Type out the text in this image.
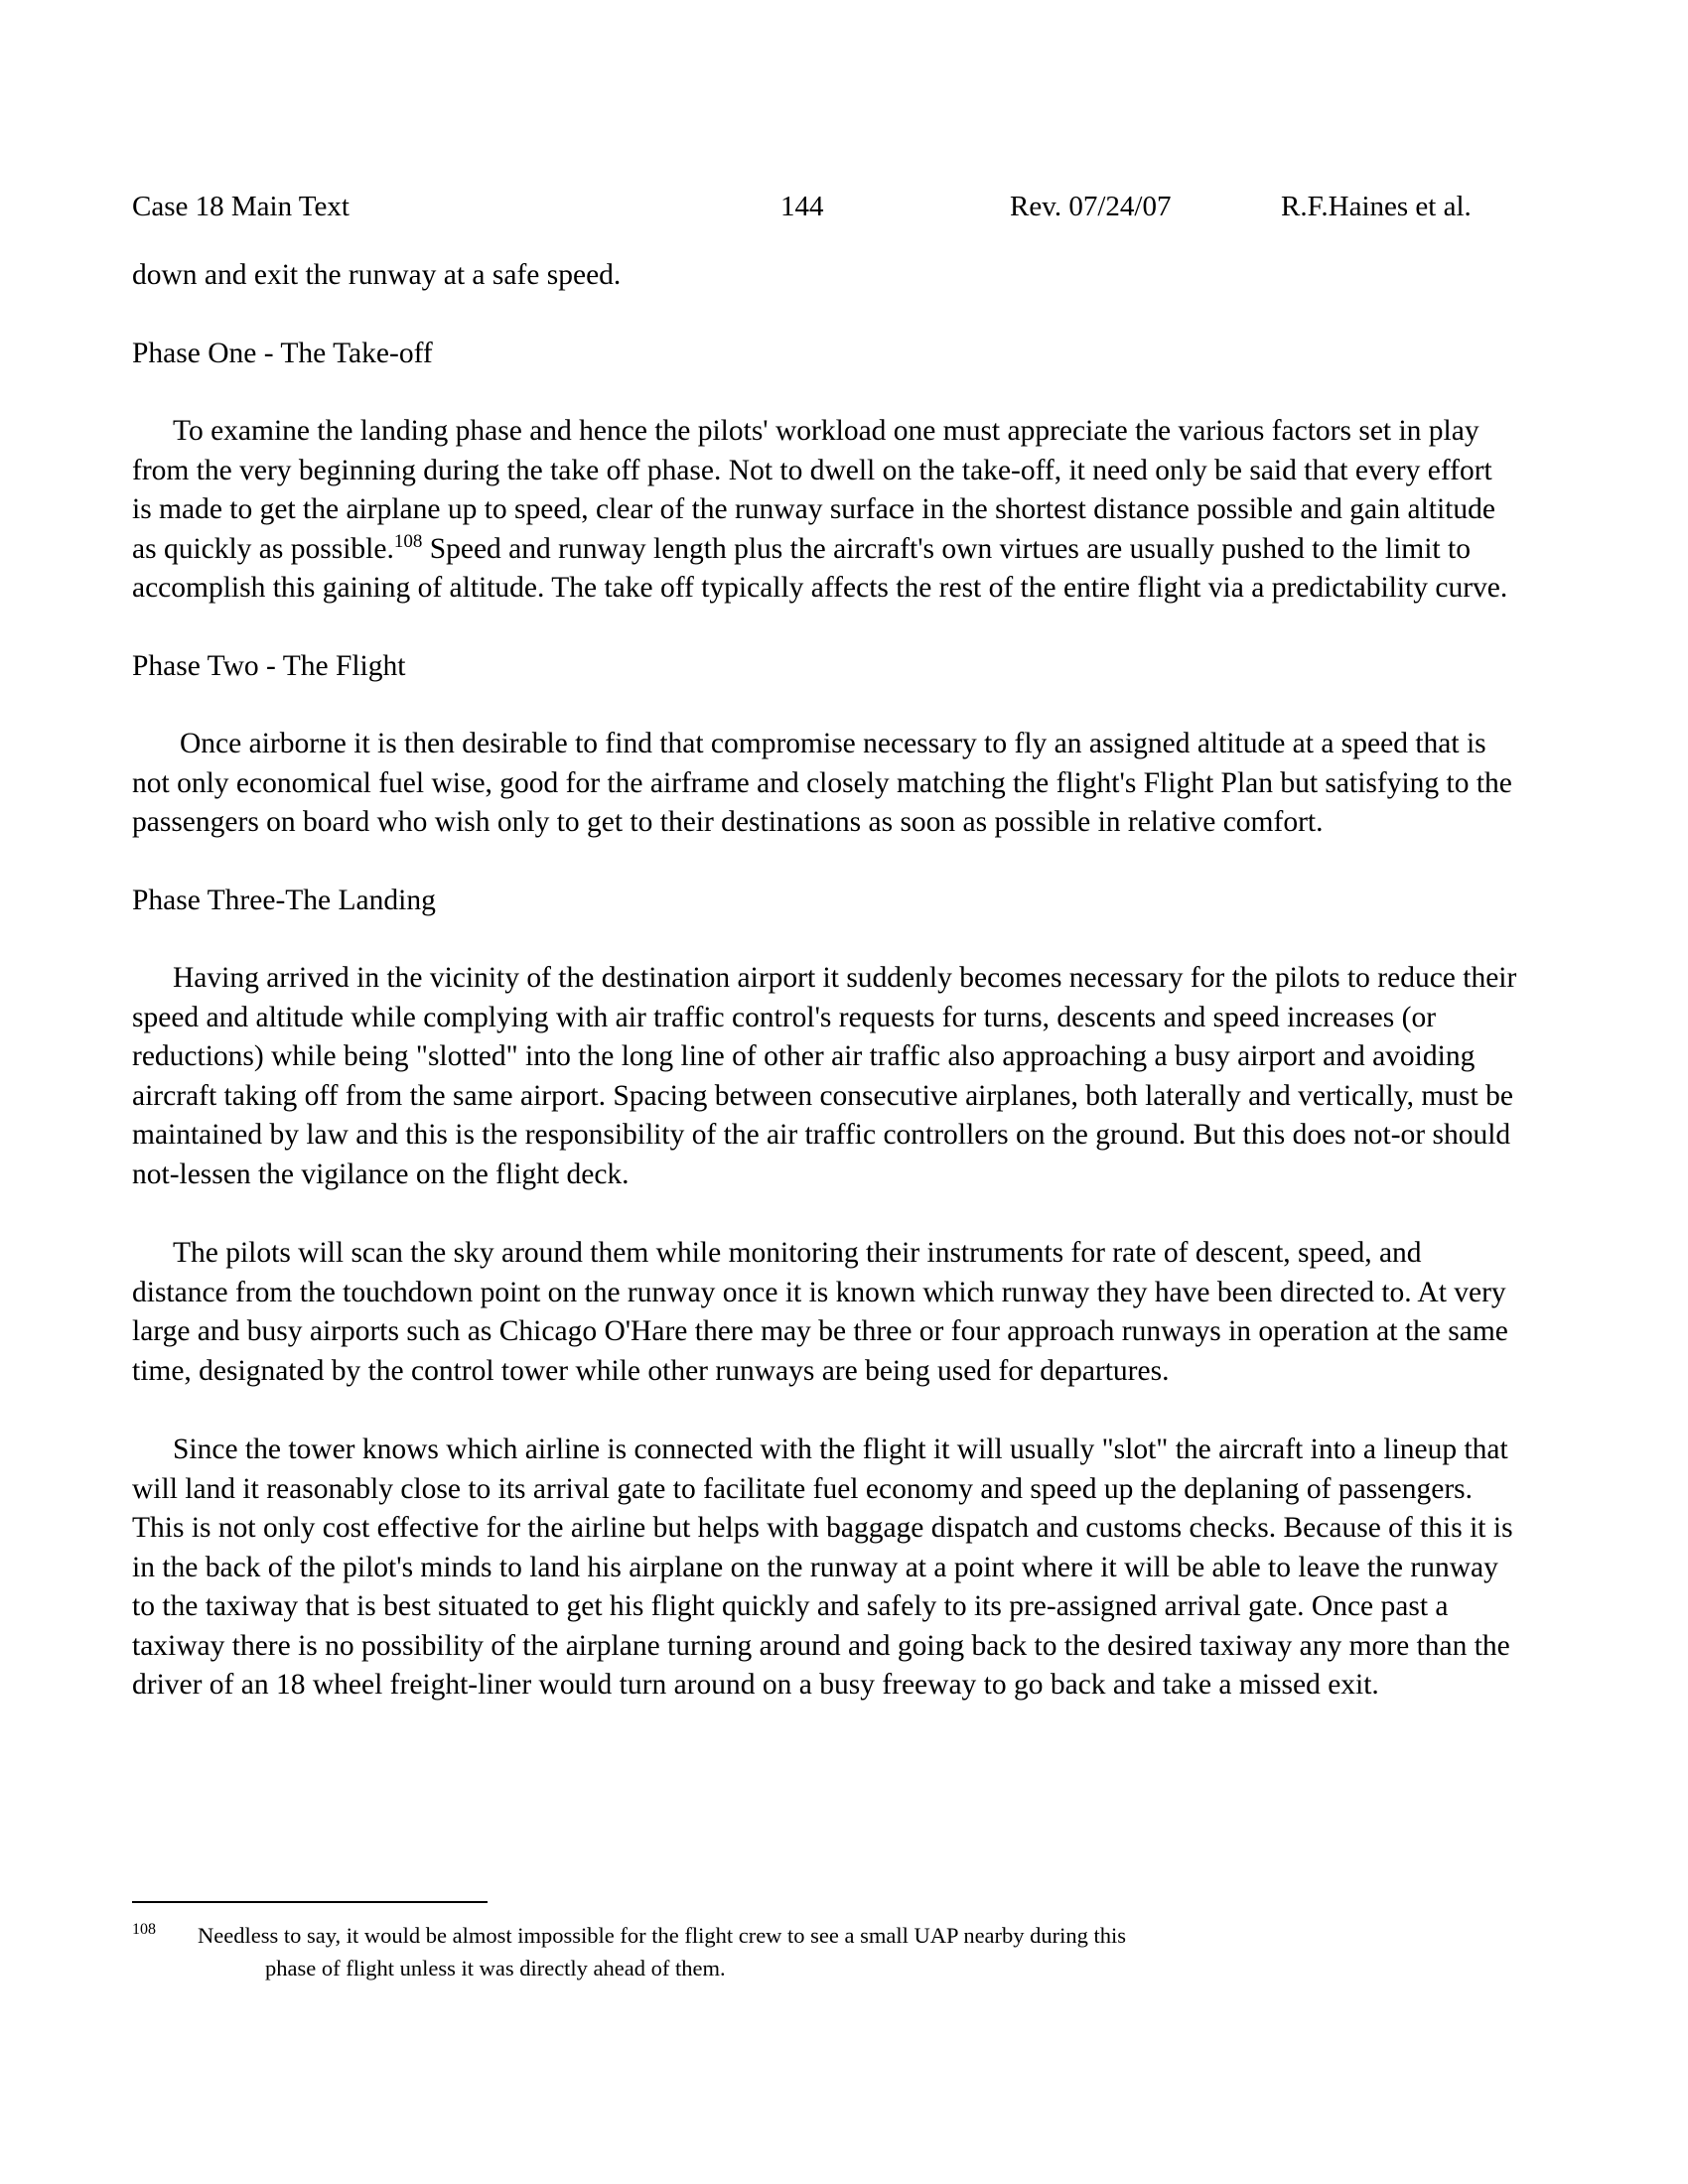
Case 18 Main Text	144	Rev. 07/24/07	R.F.Haines et al.

down and exit the runway at a safe speed.

Phase One - The Take-off

To examine the landing phase and hence the pilots' workload one must appreciate the various factors set in play from the very beginning during the take off phase. Not to dwell on the take-off, it need only be said that every effort is made to get the airplane up to speed, clear of the runway surface in the shortest distance possible and gain altitude as quickly as possible.$^{108}$ Speed and runway length plus the aircraft's own virtues are usually pushed to the limit to accomplish this gaining of altitude. The take off typically affects the rest of the entire flight via a predictability curve.

Phase Two - The Flight

Once airborne it is then desirable to find that compromise necessary to fly an assigned altitude at a speed that is not only economical fuel wise, good for the airframe and closely matching the flight's Flight Plan but satisfying to the passengers on board who wish only to get to their destinations as soon as possible in relative comfort.

Phase Three-The Landing

Having arrived in the vicinity of the destination airport it suddenly becomes necessary for the pilots to reduce their speed and altitude while complying with air traffic control's requests for turns, descents and speed increases (or reductions) while being "slotted" into the long line of other air traffic also approaching a busy airport and avoiding aircraft taking off from the same airport. Spacing between consecutive airplanes, both laterally and vertically, must be maintained by law and this is the responsibility of the air traffic controllers on the ground. But this does not-or should not-lessen the vigilance on the flight deck.

The pilots will scan the sky around them while monitoring their instruments for rate of descent, speed, and distance from the touchdown point on the runway once it is known which runway they have been directed to. At very large and busy airports such as Chicago O'Hare there may be three or four approach runways in operation at the same time, designated by the control tower while other runways are being used for departures.

Since the tower knows which airline is connected with the flight it will usually "slot" the aircraft into a lineup that will land it reasonably close to its arrival gate to facilitate fuel economy and speed up the deplaning of passengers. This is not only cost effective for the airline but helps with baggage dispatch and customs checks. Because of this it is in the back of the pilot's minds to land his airplane on the runway at a point where it will be able to leave the runway to the taxiway that is best situated to get his flight quickly and safely to its pre-assigned arrival gate. Once past a taxiway there is no possibility of the airplane turning around and going back to the desired taxiway any more than the driver of an 18 wheel freight-liner would turn around on a busy freeway to go back and take a missed exit.

108	Needless to say, it would be almost impossible for the flight crew to see a small UAP nearby during this
phase of flight unless it was directly ahead of them.
